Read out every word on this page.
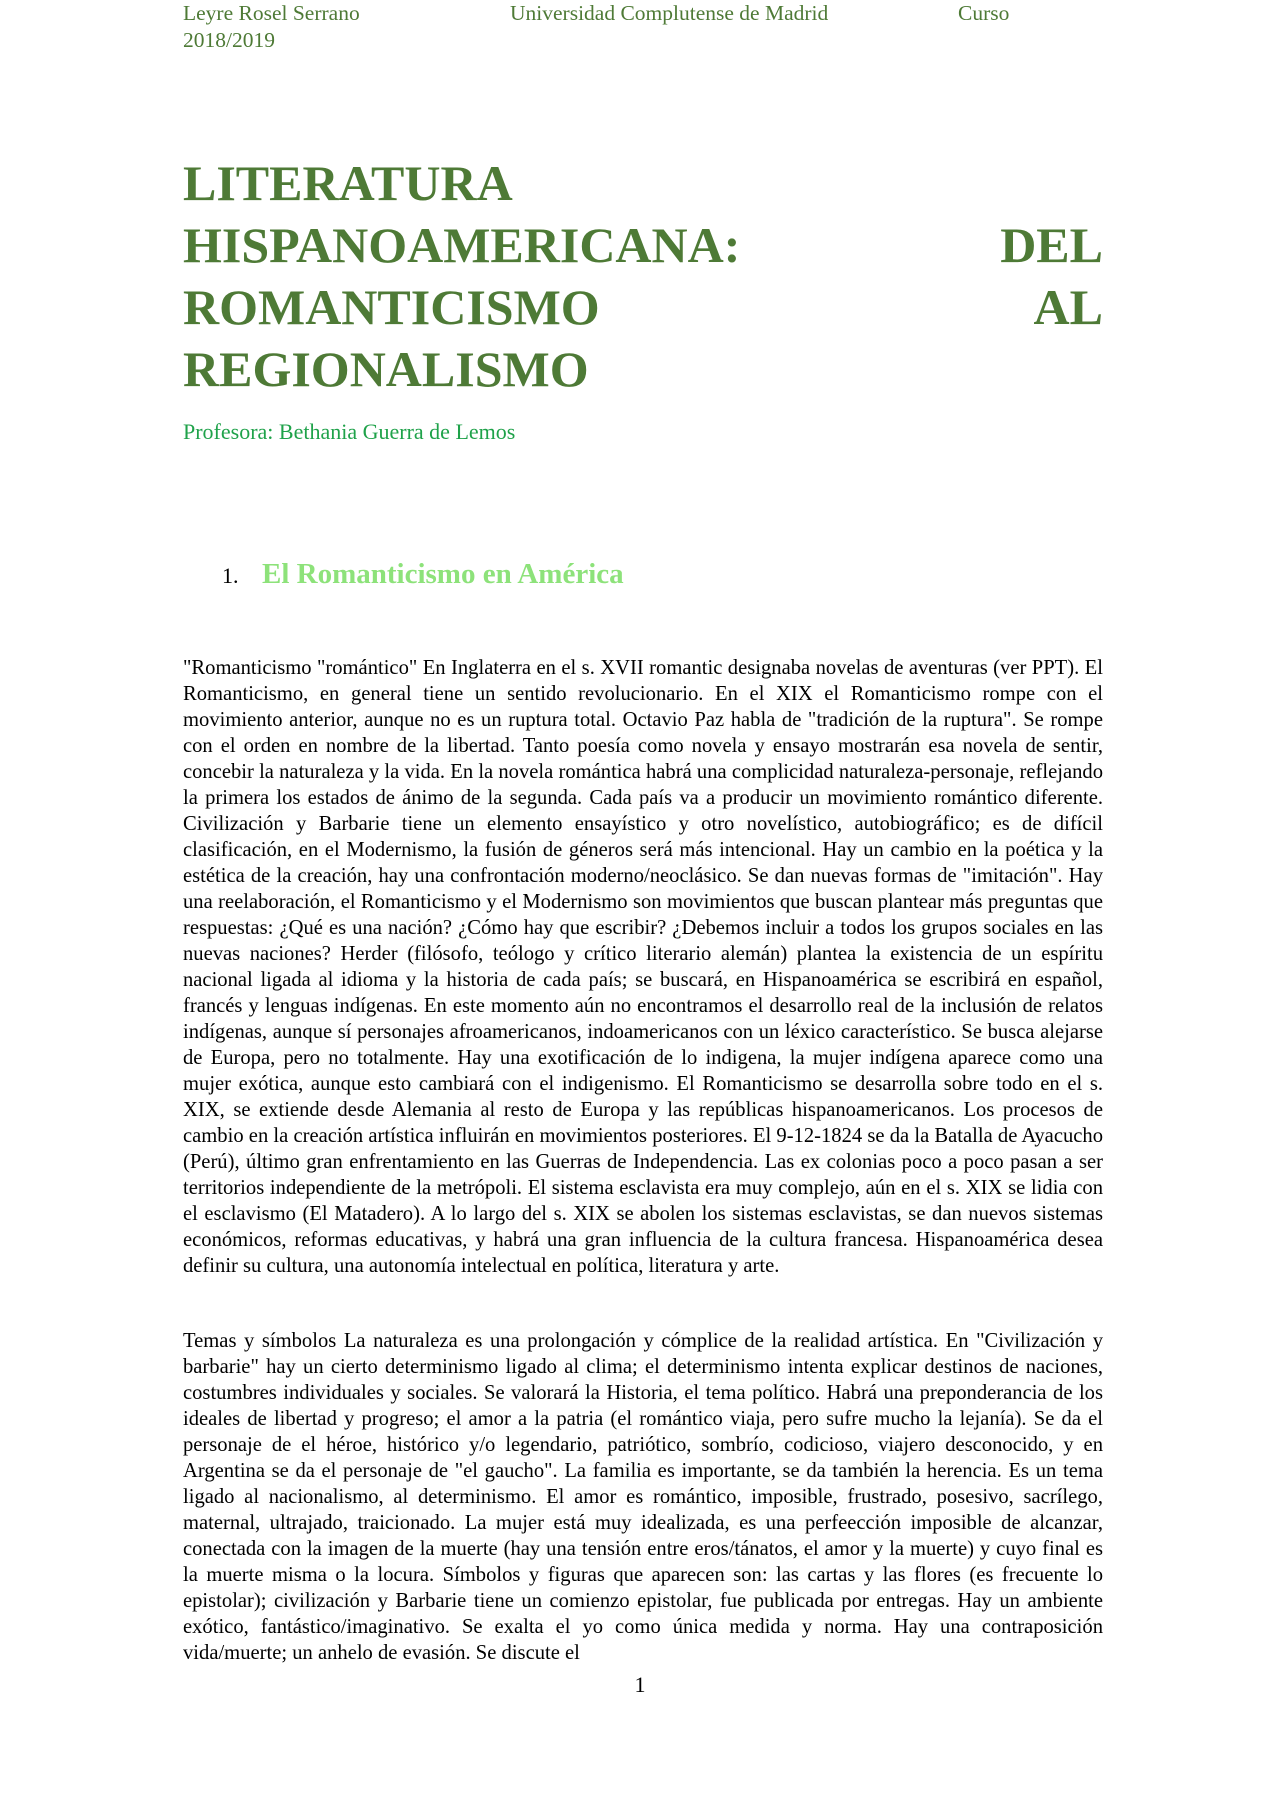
Leyre Rosel Serrano	Universidad Complutense de Madrid	Curso
2018/2019
LITERATURA
HISPANOAMERICANA:	DEL
ROMANTICISMO	AL
REGIONALISMO
Profesora: Bethania Guerra de Lemos
1. El Romanticismo en América

"Romanticismo "romántico" En Inglaterra en el s. XVII romantic designaba novelas de aventuras (ver PPT). El Romanticismo, en general tiene un sentido revolucionario. En el XIX el Romanticismo rompe con el movimiento anterior, aunque no es un ruptura total. Octavio Paz habla de "tradición de la ruptura". Se rompe con el orden en nombre de la libertad. Tanto poesía como novela y ensayo mostrarán esa novela de sentir, concebir la naturaleza y la vida. En la novela romántica habrá una complicidad naturaleza-personaje, reflejando la primera los estados de ánimo de la segunda. Cada país va a producir un movimiento romántico diferente. Civilización y Barbarie tiene un elemento ensayístico y otro novelístico, autobiográfico; es de difícil clasificación, en el Modernismo, la fusión de géneros será más intencional. Hay un cambio en la poética y la estética de la creación, hay una confrontación moderno/neoclásico. Se dan nuevas formas de "imitación". Hay una reelaboración, el Romanticismo y el Modernismo son movimientos que buscan plantear más preguntas que respuestas: ¿Qué es una nación? ¿Cómo hay que escribir? ¿Debemos incluir a todos los grupos sociales en las nuevas naciones? Herder (filósofo, teólogo y crítico literario alemán) plantea la existencia de un espíritu nacional ligada al idioma y la historia de cada país; se buscará, en Hispanoamérica se escribirá en español, francés y lenguas indígenas. En este momento aún no encontramos el desarrollo real de la inclusión de relatos indígenas, aunque sí personajes afroamericanos, indoamericanos con un léxico característico. Se busca alejarse de Europa, pero no totalmente. Hay una exotificación de lo indigena, la mujer indígena aparece como una mujer exótica, aunque esto cambiará con el indigenismo. El Romanticismo se desarrolla sobre todo en el s. XIX, se extiende desde Alemania al resto de Europa y las repúblicas hispanoamericanos. Los procesos de cambio en la creación artística influirán en movimientos posteriores. El 9-12-1824 se da la Batalla de Ayacucho (Perú), último gran enfrentamiento en las Guerras de Independencia. Las ex colonias poco a poco pasan a ser territorios independiente de la metrópoli. El sistema esclavista era muy complejo, aún en el s. XIX se lidia con el esclavismo (El Matadero). A lo largo del s. XIX se abolen los sistemas esclavistas, se dan nuevos sistemas económicos, reformas educativas, y habrá una gran influencia de la cultura francesa. Hispanoamérica desea definir su cultura, una autonomía intelectual en política, literatura y arte.

Temas y símbolos La naturaleza es una prolongación y cómplice de la realidad artística. En "Civilización y barbarie" hay un cierto determinismo ligado al clima; el determinismo intenta explicar destinos de naciones, costumbres individuales y sociales. Se valorará la Historia, el tema político. Habrá una preponderancia de los ideales de libertad y progreso; el amor a la patria (el romántico viaja, pero sufre mucho la lejanía). Se da el personaje de el héroe, histórico y/o legendario, patriótico, sombrío, codicioso, viajero desconocido, y en Argentina se da el personaje de "el gaucho". La familia es importante, se da también la herencia. Es un tema ligado al nacionalismo, al determinismo. El amor es romántico, imposible, frustrado, posesivo, sacrílego, maternal, ultrajado, traicionado. La mujer está muy idealizada, es una perfeección imposible de alcanzar, conectada con la imagen de la muerte (hay una tensión entre eros/tánatos, el amor y la muerte) y cuyo final es la muerte misma o la locura. Símbolos y figuras que aparecen son: las cartas y las flores (es frecuente lo epistolar); civilización y Barbarie tiene un comienzo epistolar, fue publicada por entregas. Hay un ambiente exótico, fantástico/imaginativo. Se exalta el yo como única medida y norma. Hay una contraposición vida/muerte; un anhelo de evasión. Se discute el

1
